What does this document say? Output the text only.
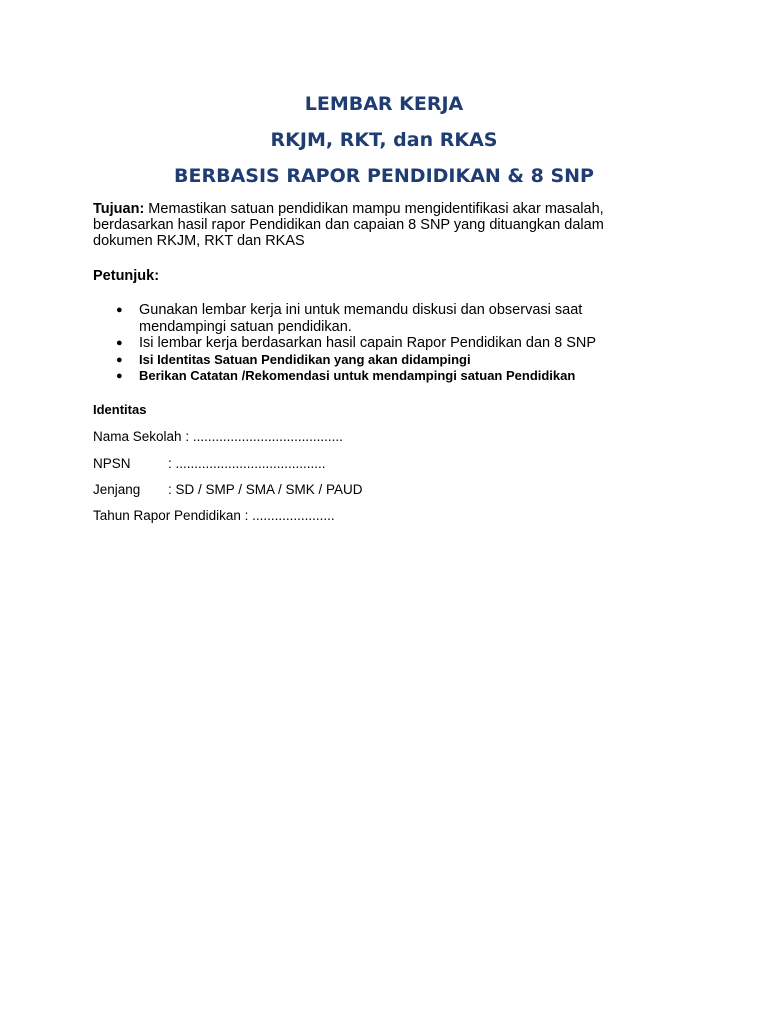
LEMBAR KERJA
RKJM, RKT, dan RKAS
BERBASIS RAPOR PENDIDIKAN & 8 SNP
Tujuan: Memastikan satuan pendidikan mampu mengidentifikasi akar masalah, berdasarkan hasil rapor Pendidikan dan capaian 8 SNP yang dituangkan dalam dokumen RKJM, RKT dan RKAS
Petunjuk:
● Gunakan lembar kerja ini untuk memandu diskusi dan observasi saat mendampingi satuan pendidikan.
● Isi lembar kerja berdasarkan hasil capain Rapor Pendidikan dan 8 SNP
● Isi Identitas Satuan Pendidikan yang akan didampingi
● Berikan Catatan /Rekomendasi untuk mendampingi satuan Pendidikan
Identitas
Nama Sekolah : ........................................
NPSN	: ........................................
Jenjang : SD / SMP / SMA / SMK / PAUD
Tahun Rapor Pendidikan : ......................
